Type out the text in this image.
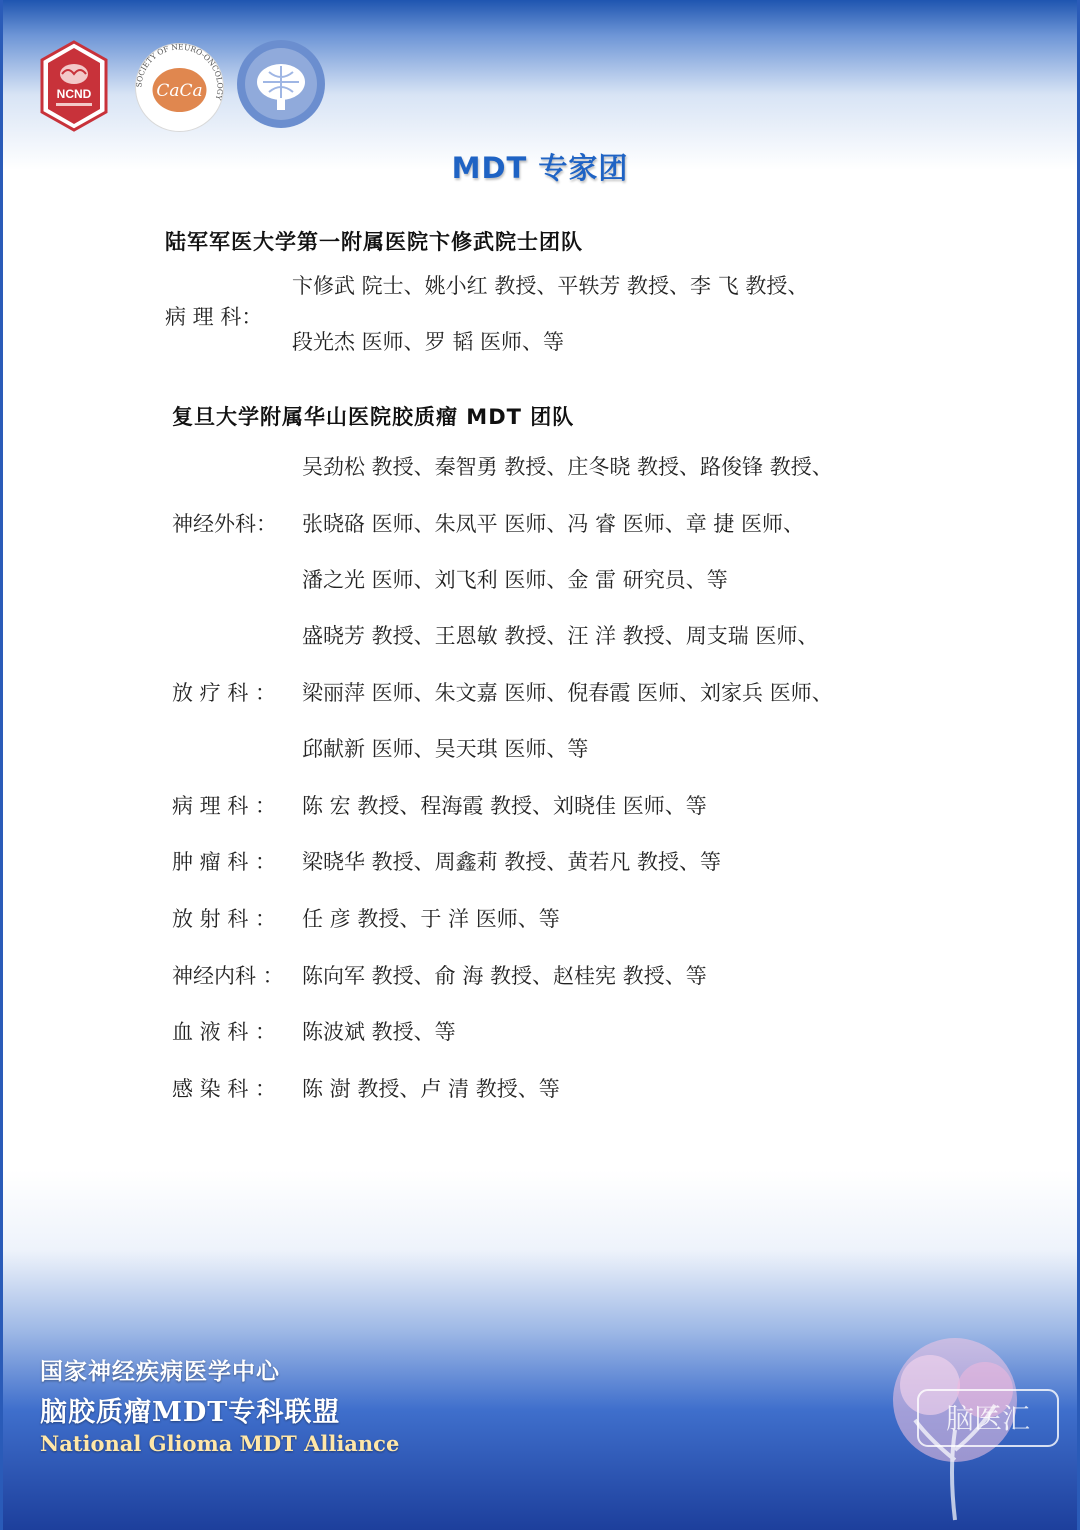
NCND
SOCIETY OF NEURO-ONCOLOGY
CaCa
MDT 专家团
陆军军医大学第一附属医院卞修武院士团队
病 理 科：
卞修武 院士、姚小红 教授、平轶芳 教授、李 飞 教授、
段光杰 医师、罗 韬 医师、等
复旦大学附属华山医院胶质瘤 MDT 团队
神经外科：
吴劲松 教授、秦智勇 教授、庄冬晓 教授、路俊锋 教授、
张晓硌 医师、朱凤平 医师、冯 睿 医师、章 捷 医师、
潘之光 医师、刘飞利 医师、金 雷 研究员、等
放 疗 科 ：
盛晓芳 教授、王恩敏 教授、汪 洋 教授、周支瑞 医师、
梁丽萍 医师、朱文嘉 医师、倪春霞 医师、刘家兵 医师、
邱献新 医师、吴天琪 医师、等
病 理 科 ： 陈 宏 教授、程海霞 教授、刘晓佳 医师、等
肿 瘤 科 ： 梁晓华 教授、周鑫莉 教授、黄若凡 教授、等
放 射 科 ： 任 彦 教授、于 洋 医师、等
神经内科 ： 陈向军 教授、俞 海 教授、赵桂宪 教授、等
血 液 科 ： 陈波斌 教授、等
感 染 科 ： 陈 澍 教授、卢 清 教授、等
国家神经疾病医学中心
脑胶质瘤MDT专科联盟
National Glioma MDT Alliance
脑医汇
